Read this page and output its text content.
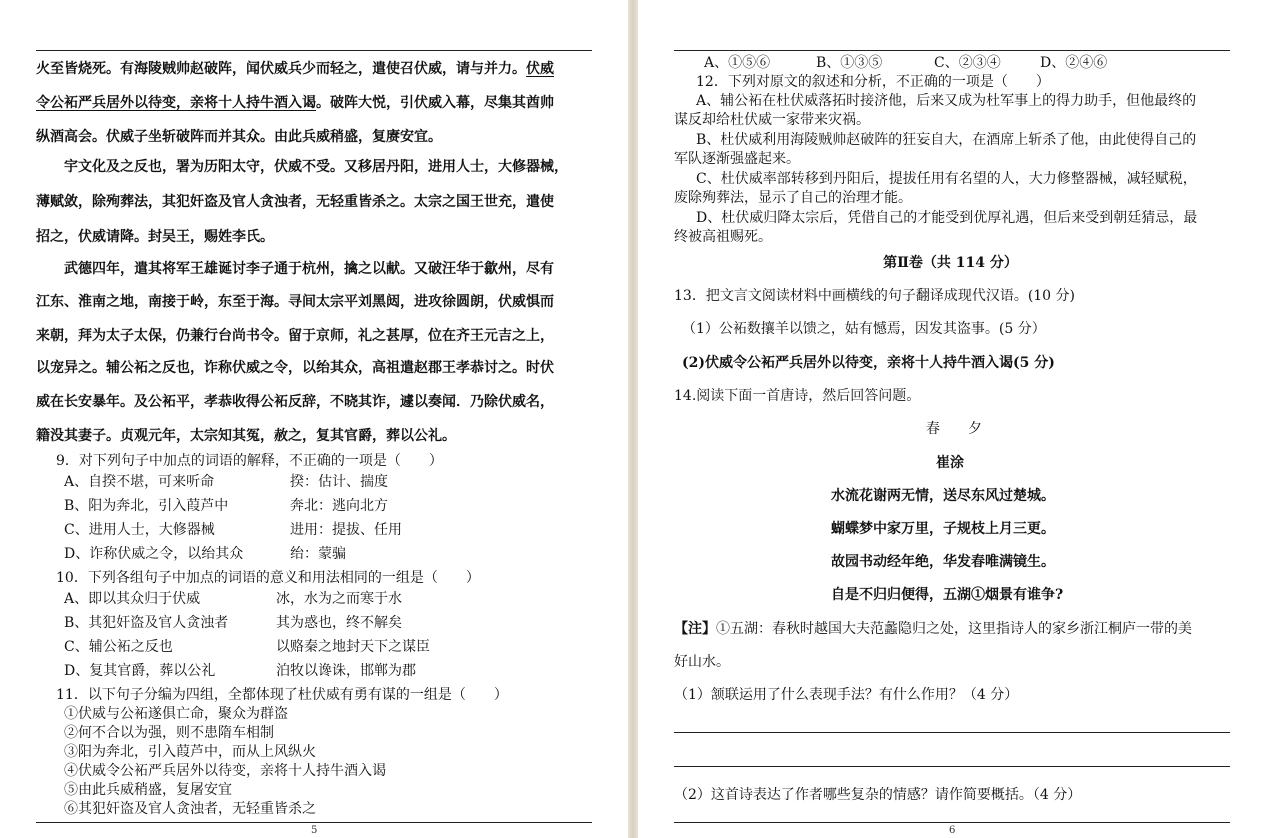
火至皆烧死。有海陵贼帅赵破阵，闻伏威兵少而轻之，遣使召伏威，请与并力。伏威
令公袥严兵居外以待变，亲将十人持牛酒入谒。破阵大悦，引伏威入幕，尽集其酋帅
纵酒高会。伏威子坐斩破阵而并其众。由此兵威稍盛，复赓安宜。
宇文化及之反也，署为历阳太守，伏威不受。又移居丹阳，进用人士，大修器械，
薄赋敛，除殉葬法，其犯奸盗及官人贪浊者，无轻重皆杀之。太宗之国王世充，遣使
招之，伏威请降。封吴王，赐姓李氏。
武德四年，遣其将军王雄诞讨李子通于杭州，擒之以献。又破汪华于歙州，尽有
江东、淮南之地，南接于岭，东至于海。寻间太宗平刘黑闼，进攻徐圆朗，伏威惧而
来朝，拜为太子太保，仍兼行台尚书令。留于京师，礼之甚厚，位在齐王元吉之上，
以宠异之。辅公袥之反也，诈称伏威之令，以绐其众，高祖遣赵郡王孝恭讨之。时伏
威在长安暴年。及公袥平，孝恭收得公袥反辞，不晓其诈，遽以奏闻．乃除伏威名，
籍没其妻子。贞观元年，太宗知其冤，赦之，复其官爵，葬以公礼。
9．对下列句子中加点的词语的解释，不正确的一项是（　　）
A、自揆不堪，可来听命	揆：估计、揣度
B、阳为奔北，引入葭芦中	奔北：逃向北方
C、进用人士，大修器械	进用：提拔、任用
D、诈称伏威之令，以绐其众	绐：蒙骗
10．下列各组句子中加点的词语的意义和用法相同的一组是（　　）
A、即以其众归于伏威	冰，水为之而寒于水
B、其犯奸盗及官人贪浊者	其为惑也，终不解矣
C、辅公袥之反也	以赂秦之地封天下之谋臣
D、复其官爵，葬以公礼	泊牧以谗诛，邯郸为郡
11．以下句子分编为四组，全都体现了杜伏威有勇有谋的一组是（　　）
①伏威与公袥遂俱亡命，聚众为群盗
②何不合以为强，则不患隋车相制
③阳为奔北，引入葭芦中，而从上风纵火
④伏威令公袥严兵居外以待变，亲将十人持牛酒入谒
⑤由此兵威稍盛，复屠安宜
⑥其犯奸盗及官人贪浊者，无轻重皆杀之
5
A、①⑤⑥	B、①③⑤	C、②③④	D、②④⑥
12．下列对原文的叙述和分析，不正确的一项是（　　）
A、辅公袥在杜伏威落拓时接济他，后来又成为杜军事上的得力助手，但他最终的
谋反却给杜伏威一家带来灾祸。
B、杜伏威利用海陵贼帅赵破阵的狂妄自大，在酒席上斩杀了他，由此使得自己的
军队逐渐强盛起来。
C、杜伏威率部转移到丹阳后，提拔任用有名望的人，大力修整器械，减轻赋税，
废除殉葬法，显示了自己的治理才能。
D、杜伏威归降太宗后，凭借自己的才能受到优厚礼遇，但后来受到朝廷猜忌，最
终被高祖赐死。
第Ⅱ卷（共 114 分）
13．把文言文阅读材料中画横线的句子翻译成现代汉语。(10 分)
（1）公袥数攘羊以馈之，姑有憾焉，因发其盗事。(5 分）
(2)伏威令公袥严兵居外以待变，亲将十人持牛酒入谒(5 分)
14.阅读下面一首唐诗，然后回答问题。
春　　夕
崔涂
水流花谢两无情，送尽东风过楚城。
蝴蝶梦中家万里，子规枝上月三更。
故园书动经年绝，华发春唯满镜生。
自是不归归便得，五湖①烟景有谁争?
【注】①五湖：春秋时越国大夫范蠡隐归之处，这里指诗人的家乡浙江桐庐一带的美
好山水。
（1）颔联运用了什么表现手法？有什么作用？（4 分）
（2）这首诗表达了作者哪些复杂的情感？请作简要概括。（4 分）
6
